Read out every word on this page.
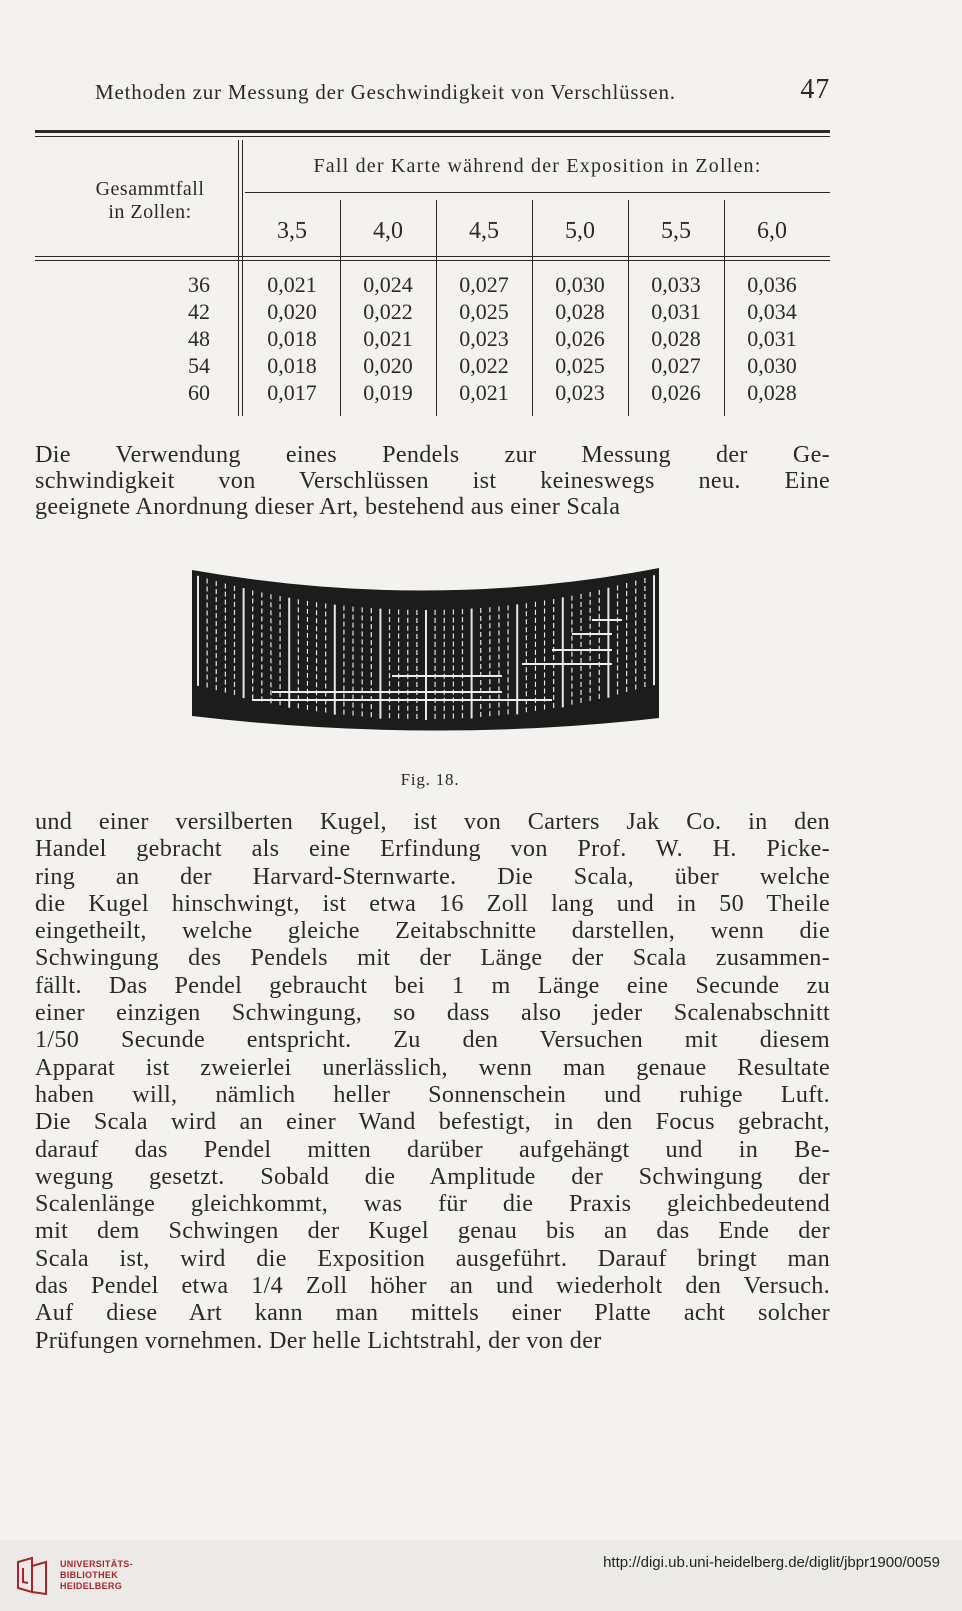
Methoden zur Messung der Geschwindigkeit von Verschlüssen.	47
Gesammtfall
in Zollen:
Fall der Karte während der Exposition in Zollen:
3,5	4,0	4,5	5,0	5,5	6,0
36	0,021	0,024	0,027	0,030	0,033	0,036
42	0,020	0,022	0,025	0,028	0,031	0,034
48	0,018	0,021	0,023	0,026	0,028	0,031
54	0,018	0,020	0,022	0,025	0,027	0,030
60	0,017	0,019	0,021	0,023	0,026	0,028
Die Verwendung eines Pendels zur Messung der Ge-
schwindigkeit von Verschlüssen ist keineswegs neu. Eine
geeignete Anordnung dieser Art, bestehend aus einer Scala
Fig. 18.
und einer versilberten Kugel, ist von Carters Jak Co. in den
Handel gebracht als eine Erfindung von Prof. W. H. Picke-
ring an der Harvard-Sternwarte. Die Scala, über welche
die Kugel hinschwingt, ist etwa 16 Zoll lang und in 50 Theile
eingetheilt, welche gleiche Zeitabschnitte darstellen, wenn die
Schwingung des Pendels mit der Länge der Scala zusammen-
fällt. Das Pendel gebraucht bei 1 m Länge eine Secunde zu
einer einzigen Schwingung, so dass also jeder Scalenabschnitt
1/50 Secunde entspricht. Zu den Versuchen mit diesem
Apparat ist zweierlei unerlässlich, wenn man genaue Resultate
haben will, nämlich heller Sonnenschein und ruhige Luft.
Die Scala wird an einer Wand befestigt, in den Focus gebracht,
darauf das Pendel mitten darüber aufgehängt und in Be-
wegung gesetzt. Sobald die Amplitude der Schwingung der
Scalenlänge gleichkommt, was für die Praxis gleichbedeutend
mit dem Schwingen der Kugel genau bis an das Ende der
Scala ist, wird die Exposition ausgeführt. Darauf bringt man
das Pendel etwa 1/4 Zoll höher an und wiederholt den Versuch.
Auf diese Art kann man mittels einer Platte acht solcher
Prüfungen vornehmen. Der helle Lichtstrahl, der von der
UNIVERSITÄTS-
BIBLIOTHEK
HEIDELBERG
http://digi.ub.uni-heidelberg.de/diglit/jbpr1900/0059
